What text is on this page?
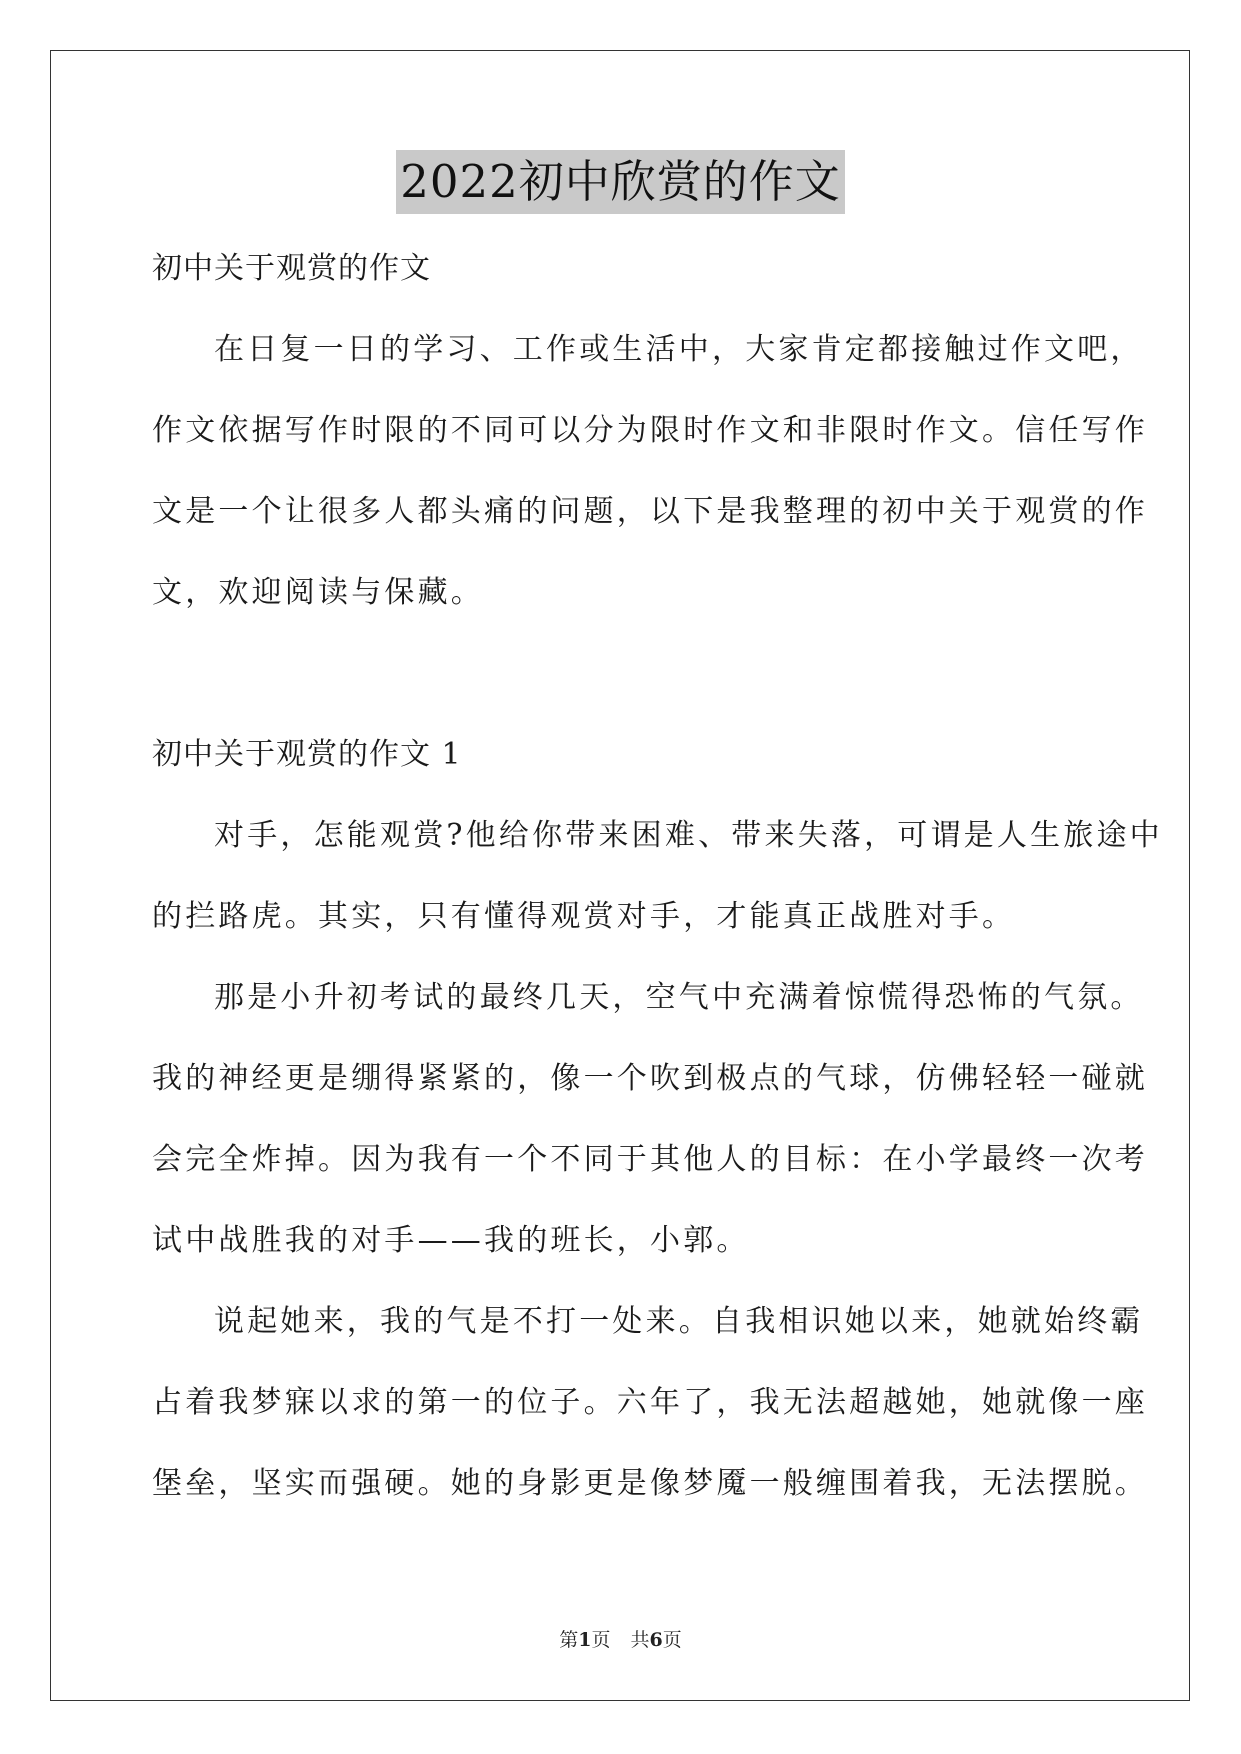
2022初中欣赏的作文
初中关于观赏的作文
在日复一日的学习、工作或生活中，大家肯定都接触过作文吧，
作文依据写作时限的不同可以分为限时作文和非限时作文。信任写作
文是一个让很多人都头痛的问题，以下是我整理的初中关于观赏的作
文，欢迎阅读与保藏。
初中关于观赏的作文 1
对手，怎能观赏?他给你带来困难、带来失落，可谓是人生旅途中
的拦路虎。其实，只有懂得观赏对手，才能真正战胜对手。
那是小升初考试的最终几天，空气中充满着惊慌得恐怖的气氛。
我的神经更是绷得紧紧的，像一个吹到极点的气球，仿佛轻轻一碰就
会完全炸掉。因为我有一个不同于其他人的目标：在小学最终一次考
试中战胜我的对手——我的班长，小郭。
说起她来，我的气是不打一处来。自我相识她以来，她就始终霸
占着我梦寐以求的第一的位子。六年了，我无法超越她，她就像一座
堡垒，坚实而强硬。她的身影更是像梦魇一般缠围着我，无法摆脱。
第1页 共6页
